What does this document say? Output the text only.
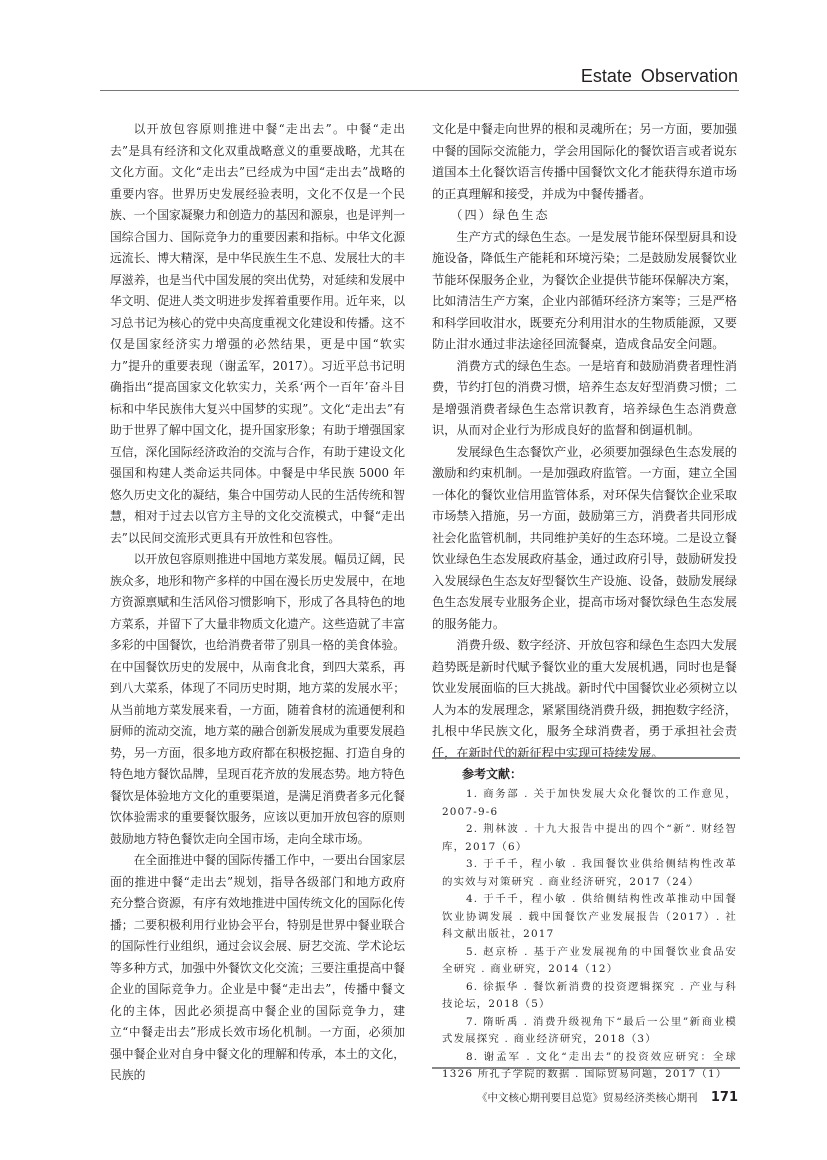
Estate Observation

以开放包容原则推进中餐“走出去”。中餐“走出去”是具有经济和文化双重战略意义的重要战略，尤其在文化方面。文化“走出去”已经成为中国“走出去”战略的重要内容。世界历史发展经验表明，文化不仅是一个民族、一个国家凝聚力和创造力的基因和源泉，也是评判一国综合国力、国际竞争力的重要因素和指标。中华文化源远流长、博大精深，是中华民族生生不息、发展壮大的丰厚滋养，也是当代中国发展的突出优势，对延续和发展中华文明、促进人类文明进步发挥着重要作用。近年来，以习总书记为核心的党中央高度重视文化建设和传播。这不仅是国家经济实力增强的必然结果，更是中国“软实力”提升的重要表现（谢孟军，2017）。习近平总书记明确指出“提高国家文化软实力，关系‘两个一百年’奋斗目标和中华民族伟大复兴中国梦的实现”。文化“走出去”有助于世界了解中国文化，提升国家形象；有助于增强国家互信，深化国际经济政治的交流与合作，有助于建设文化强国和构建人类命运共同体。中餐是中华民族 5000 年悠久历史文化的凝结，集合中国劳动人民的生活传统和智慧，相对于过去以官方主导的文化交流模式，中餐“走出去”以民间交流形式更具有开放性和包容性。

以开放包容原则推进中国地方菜发展。幅员辽阔，民族众多，地形和物产多样的中国在漫长历史发展中，在地方资源禀赋和生活风俗习惯影响下，形成了各具特色的地方菜系，并留下了大量非物质文化遗产。这些造就了丰富多彩的中国餐饮，也给消费者带了别具一格的美食体验。在中国餐饮历史的发展中，从南食北食，到四大菜系，再到八大菜系，体现了不同历史时期，地方菜的发展水平；从当前地方菜发展来看，一方面，随着食材的流通便利和厨师的流动交流，地方菜的融合创新发展成为重要发展趋势，另一方面，很多地方政府都在积极挖掘、打造自身的特色地方餐饮品牌，呈现百花齐放的发展态势。地方特色餐饮是体验地方文化的重要渠道，是满足消费者多元化餐饮体验需求的重要餐饮服务，应该以更加开放包容的原则鼓励地方特色餐饮走向全国市场，走向全球市场。

在全面推进中餐的国际传播工作中，一要出台国家层面的推进中餐“走出去”规划，指导各级部门和地方政府充分整合资源，有序有效地推进中国传统文化的国际化传播；二要积极利用行业协会平台，特别是世界中餐业联合的国际性行业组织，通过会议会展、厨艺交流、学术论坛等多种方式，加强中外餐饮文化交流；三要注重提高中餐企业的国际竞争力。企业是中餐“走出去”，传播中餐文化的主体，因此必须提高中餐企业的国际竞争力，建立“中餐走出去”形成长效市场化机制。一方面，必须加强中餐企业对自身中餐文化的理解和传承，本土的文化，民族的

文化是中餐走向世界的根和灵魂所在；另一方面，要加强中餐的国际交流能力，学会用国际化的餐饮语言或者说东道国本土化餐饮语言传播中国餐饮文化才能获得东道市场的正真理解和接受，并成为中餐传播者。

（四）绿色生态

生产方式的绿色生态。一是发展节能环保型厨具和设施设备，降低生产能耗和环境污染；二是鼓励发展餐饮业节能环保服务企业，为餐饮企业提供节能环保解决方案，比如清洁生产方案，企业内部循环经济方案等；三是严格和科学回收泔水，既要充分利用泔水的生物质能源，又要防止泔水通过非法途径回流餐桌，造成食品安全问题。

消费方式的绿色生态。一是培育和鼓励消费者理性消费，节约打包的消费习惯，培养生态友好型消费习惯；二是增强消费者绿色生态常识教育，培养绿色生态消费意识，从而对企业行为形成良好的监督和倒逼机制。

发展绿色生态餐饮产业，必须要加强绿色生态发展的激励和约束机制。一是加强政府监管。一方面，建立全国一体化的餐饮业信用监管体系，对环保失信餐饮企业采取市场禁入措施，另一方面，鼓励第三方，消费者共同形成社会化监管机制，共同维护美好的生态环境。二是设立餐饮业绿色生态发展政府基金，通过政府引导，鼓励研发投入发展绿色生态友好型餐饮生产设施、设备，鼓励发展绿色生态发展专业服务企业，提高市场对餐饮绿色生态发展的服务能力。

消费升级、数字经济、开放包容和绿色生态四大发展趋势既是新时代赋予餐饮业的重大发展机遇，同时也是餐饮业发展面临的巨大挑战。新时代中国餐饮业必须树立以人为本的发展理念，紧紧围绕消费升级，拥抱数字经济，扎根中华民族文化，服务全球消费者，勇于承担社会责任，在新时代的新征程中实现可持续发展。

参考文献：

1. 商务部 . 关于加快发展大众化餐饮的工作意见，2007-9-6

2. 荆林波 . 十九大报告中提出的四个“新”. 财经智库，2017（6）

3. 于千千，程小敏 . 我国餐饮业供给侧结构性改革的实效与对策研究 . 商业经济研究，2017（24）

4. 于千千，程小敏 . 供给侧结构性改革推动中国餐饮业协调发展 . 载中国餐饮产业发展报告（2017）. 社科文献出版社，2017

5. 赵京桥 . 基于产业发展视角的中国餐饮业食品安全研究 . 商业研究，2014（12）

6. 徐振华 . 餐饮新消费的投资逻辑探究 . 产业与科技论坛，2018（5）

7. 隋昕禹 . 消费升级视角下“最后一公里”新商业模式发展探究 . 商业经济研究，2018（3）

8. 谢孟军 . 文化“走出去”的投资效应研究：全球 1326 所孔子学院的数据 . 国际贸易问题，2017（1）

《中文核心期刊要目总览》贸易经济类核心期刊 171
